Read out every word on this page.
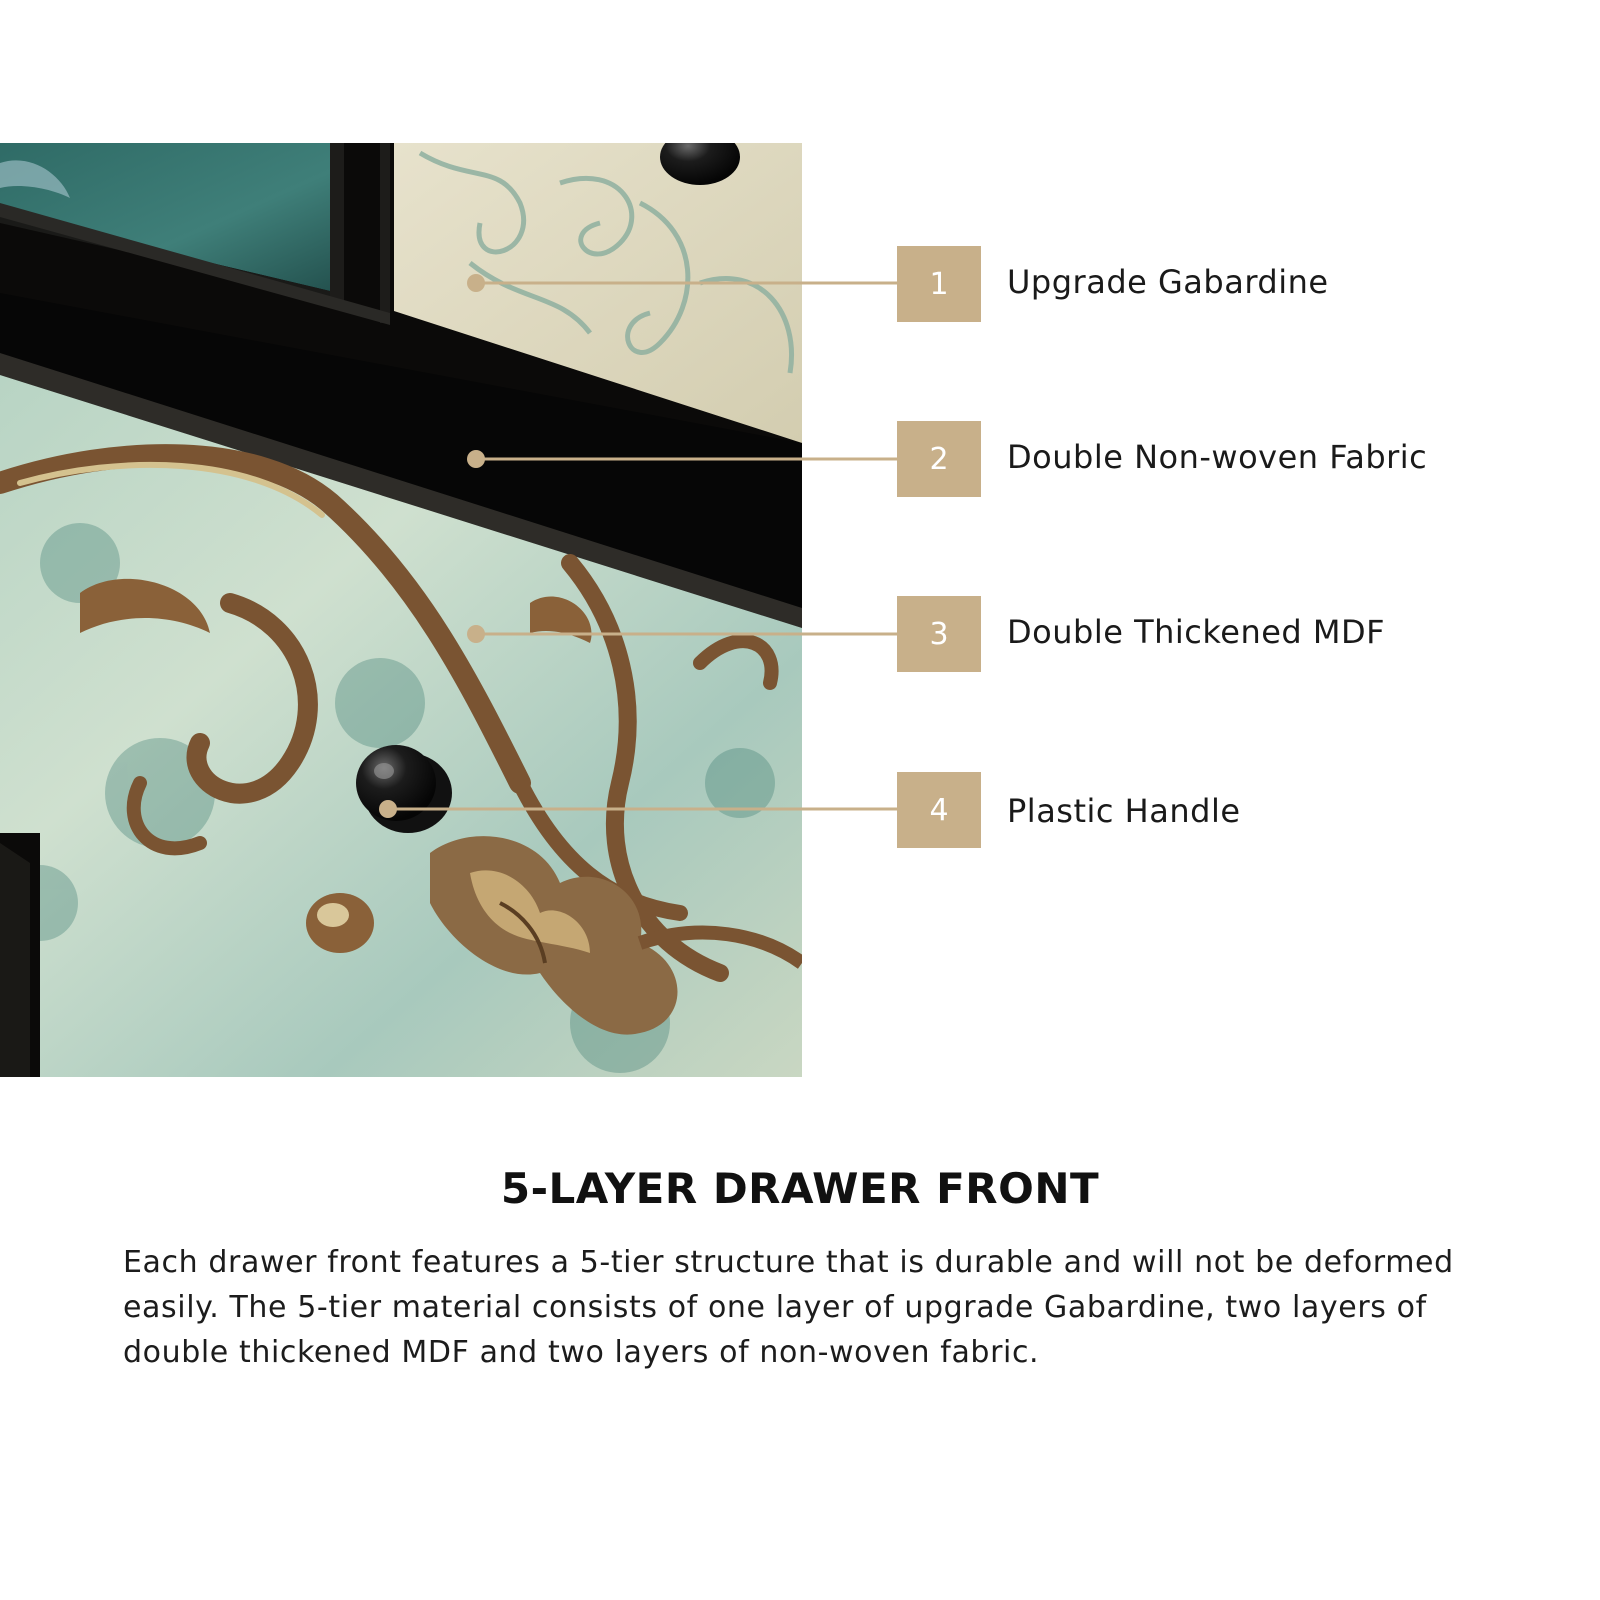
1	Upgrade Gabardine
2	Double Non-woven Fabric
3	Double Thickened MDF
4	Plastic Handle
5-LAYER DRAWER FRONT

Each drawer front features a 5-tier structure that is durable and will not be deformed easily. The 5-tier material consists of one layer of upgrade Gabardine, two layers of double thickened MDF and two layers of non-woven fabric.
